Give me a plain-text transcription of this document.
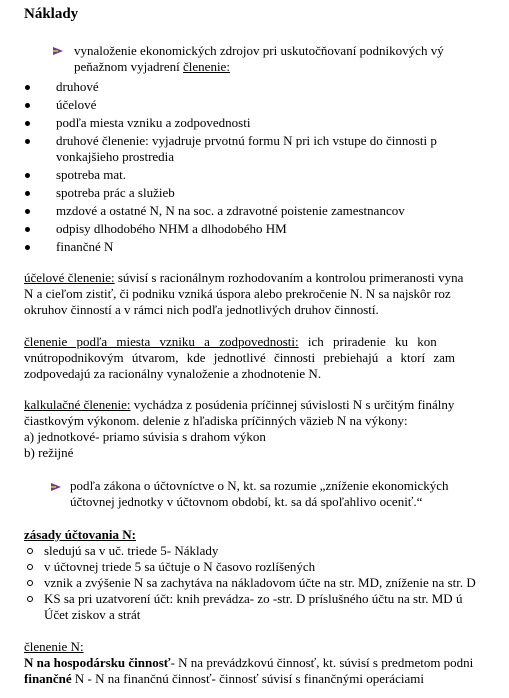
Náklady
vynaloženie ekonomických zdrojov pri uskutočňovaní podnikových vý
peňažnom vyjadrení členenie:
druhové
účelové
podľa miesta vzniku a zodpovednosti
druhové členenie: vyjadruje prvotnú formu N pri ich vstupe do činnosti p
vonkajšieho prostredia
spotreba mat.
spotreba prác a služieb
mzdové a ostatné N, N na soc. a zdravotné poistenie zamestnancov
odpisy dlhodobého NHM a dlhodobého HM
finančné N
účelové členenie: súvisí s racionálnym rozhodovaním a kontrolou primeranosti vyna
N a cieľom zistiť, či podniku vzniká úspora alebo prekročenie N. N sa najskôr roz
okruhov činností a v rámci nich podľa jednotlivých druhov činností.
členenie podľa miesta vzniku a zodpovednosti: ich priradenie ku kon
vnútropodnikovým útvarom, kde jednotlivé činnosti prebiehajú a ktorí zam
zodpovedajú za racionálny vynaloženie a zhodnotenie N.
kalkulačné členenie: vychádza z posúdenia príčinnej súvislosti N s určitým finálny
čiastkovým výkonom. delenie z hľadiska príčinných väzieb N na výkony:
a) jednotkové- priamo súvisia s drahom výkon
b) režijné
podľa zákona o účtovníctve o N, kt. sa rozumie „zníženie ekonomických
účtovnej jednotky v účtovnom období, kt. sa dá spoľahlivo oceniť.“
zásady účtovania N:
sledujú sa v uč. triede 5- Náklady
v účtovnej triede 5 sa účtuje o N časovo rozlíšených
vznik a zvýšenie N sa zachytáva na nákladovom účte na str. MD, zníženie na str. D
KS sa pri uzatvorení účt: knih prevádza- zo -str. D príslušného účtu na str. MD ú
Účet ziskov a strát
členenie N:
N na hospodársku činnosť- N na prevádzkovú činnosť, kt. súvisí s predmetom podni
finančné N - N na finančnú činnosť- činnosť súvisí s finančnými operáciami
